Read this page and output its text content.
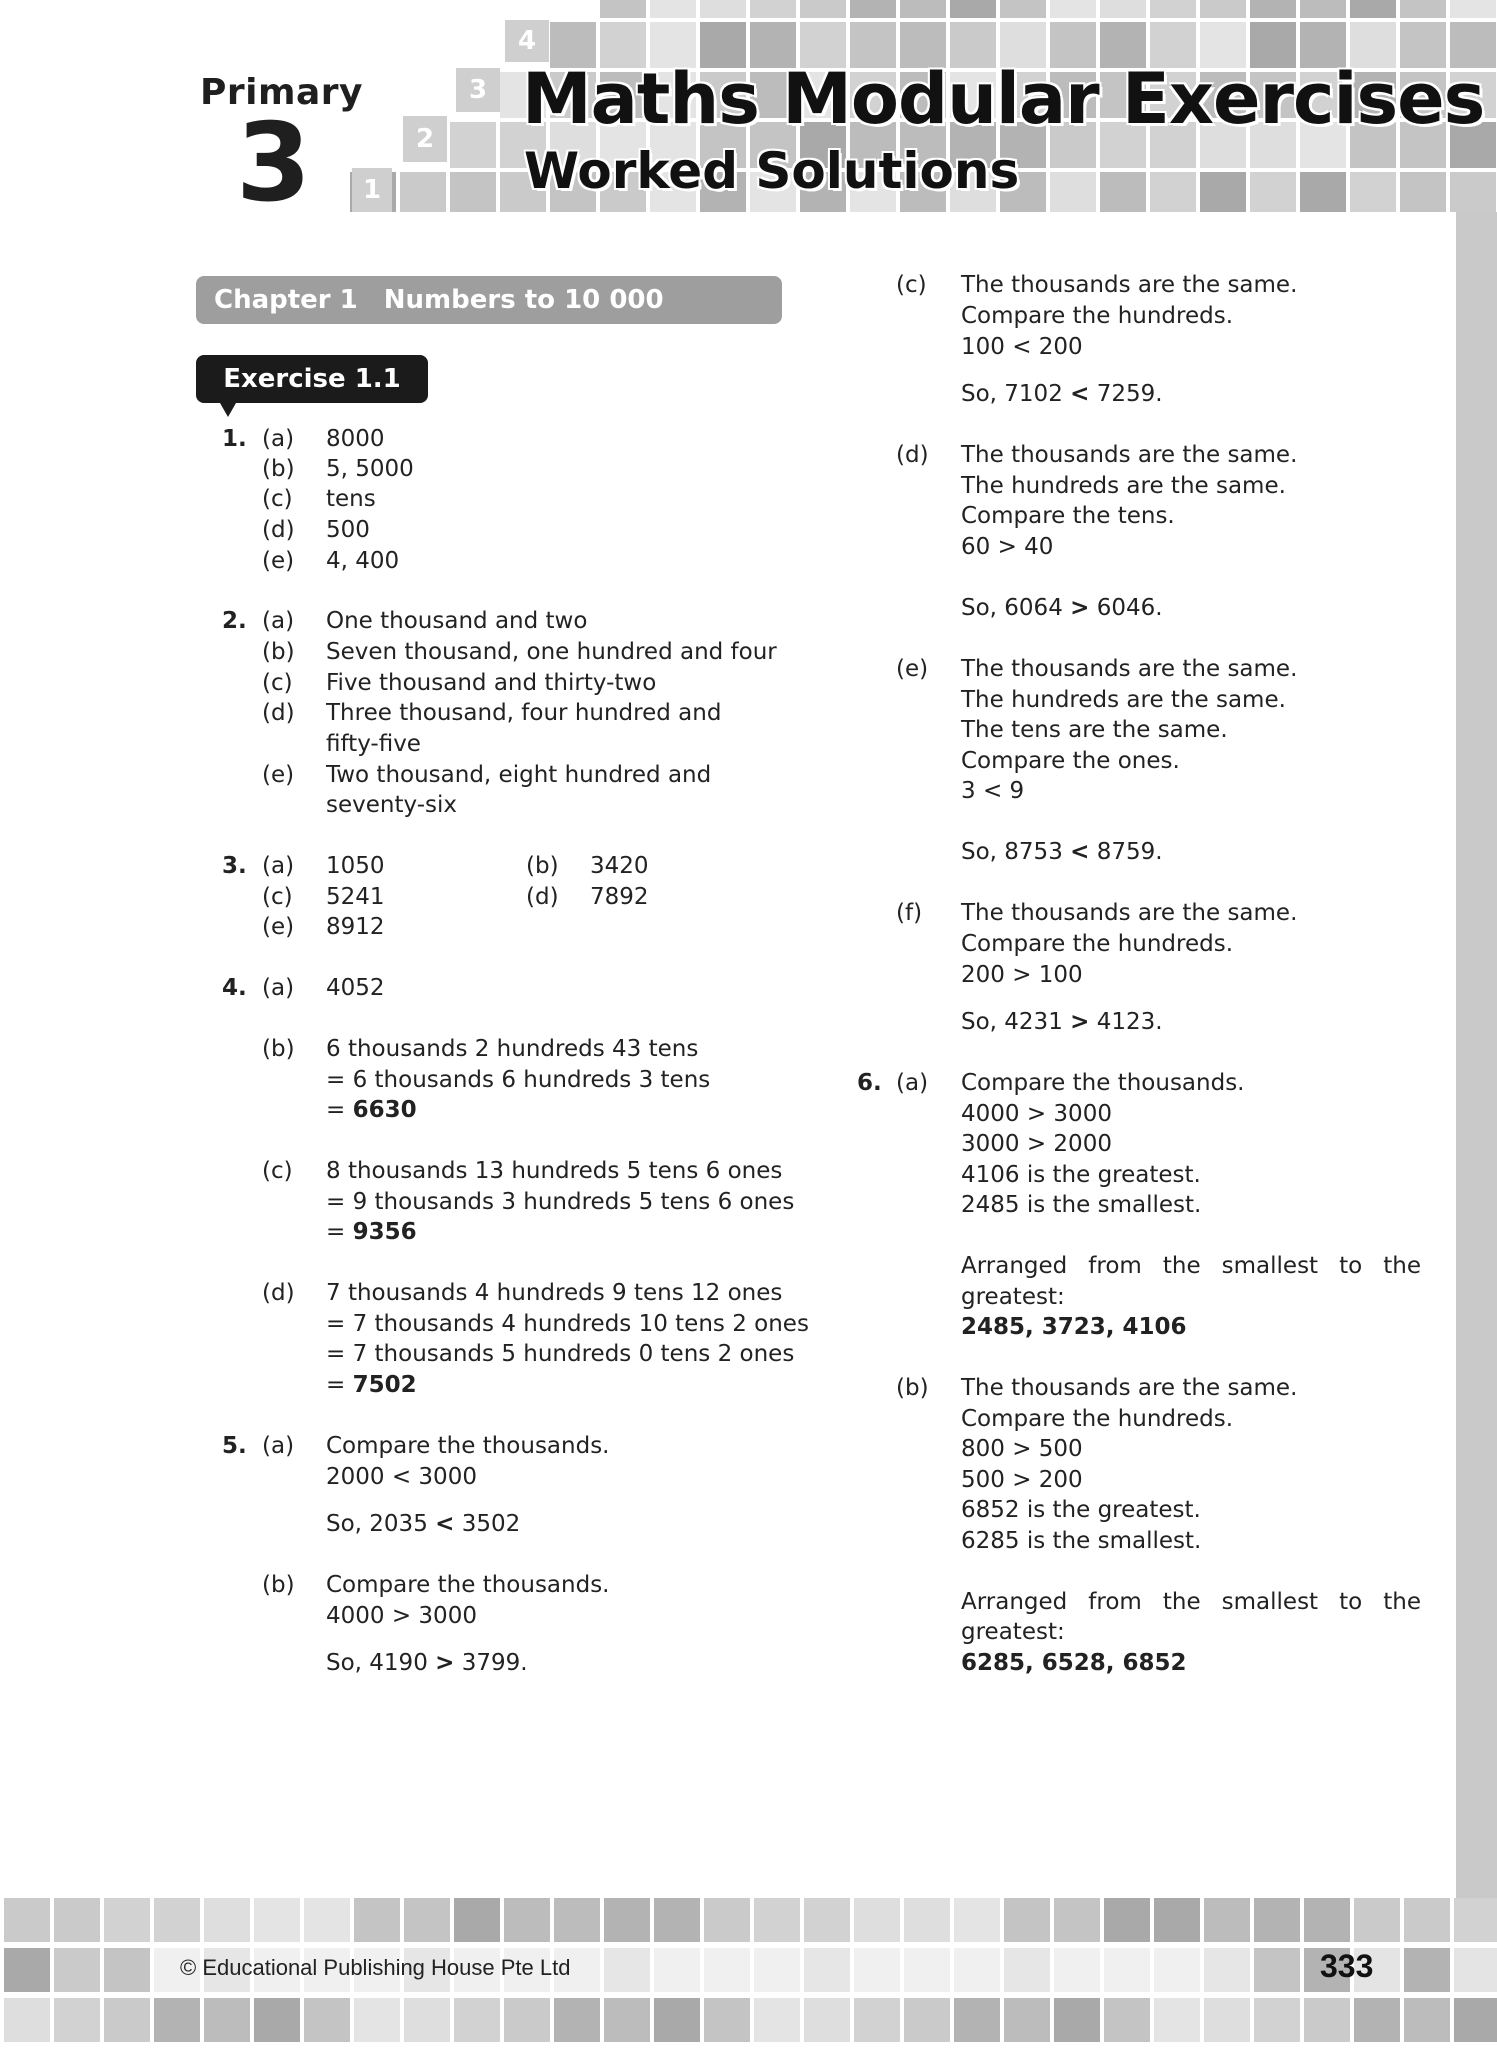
1
2
3
4
Primary
3
Maths Modular Exercises
Worked Solutions
Chapter 1 Numbers to 10 000
Exercise 1.1
1. (a) 8000
(b) 5, 5000
(c) tens
(d) 500
(e) 4, 400
2. (a) One thousand and two
(b) Seven thousand, one hundred and four
(c) Five thousand and thirty-two
(d) Three thousand, four hundred and
fifty-five
(e) Two thousand, eight hundred and
seventy-six
3. (a) 1050	(b) 3420
(c) 5241	(d) 7892
(e) 8912
4. (a) 4052
(b) 6 thousands 2 hundreds 43 tens
= 6 thousands 6 hundreds 3 tens
= 6630
(c) 8 thousands 13 hundreds 5 tens 6 ones
= 9 thousands 3 hundreds 5 tens 6 ones
= 9356
(d) 7 thousands 4 hundreds 9 tens 12 ones
= 7 thousands 4 hundreds 10 tens 2 ones
= 7 thousands 5 hundreds 0 tens 2 ones
= 7502
5. (a) Compare the thousands.
2000 < 3000
So, 2035 < 3502
(b) Compare the thousands.
4000 > 3000
So, 4190 > 3799.
(c) The thousands are the same.
Compare the hundreds.
100 < 200
So, 7102 < 7259.
(d) The thousands are the same.
The hundreds are the same.
Compare the tens.
60 > 40
So, 6064 > 6046.
(e) The thousands are the same.
The hundreds are the same.
The tens are the same.
Compare the ones.
3 < 9
So, 8753 < 8759.
(f) The thousands are the same.
Compare the hundreds.
200 > 100
So, 4231 > 4123.
6. (a) Compare the thousands.
4000 > 3000
3000 > 2000
4106 is the greatest.
2485 is the smallest.
Arranged from the smallest to the
greatest:
2485, 3723, 4106
(b) The thousands are the same.
Compare the hundreds.
800 > 500
500 > 200
6852 is the greatest.
6285 is the smallest.
Arranged from the smallest to the
greatest:
6285, 6528, 6852
© Educational Publishing House Pte Ltd	333
